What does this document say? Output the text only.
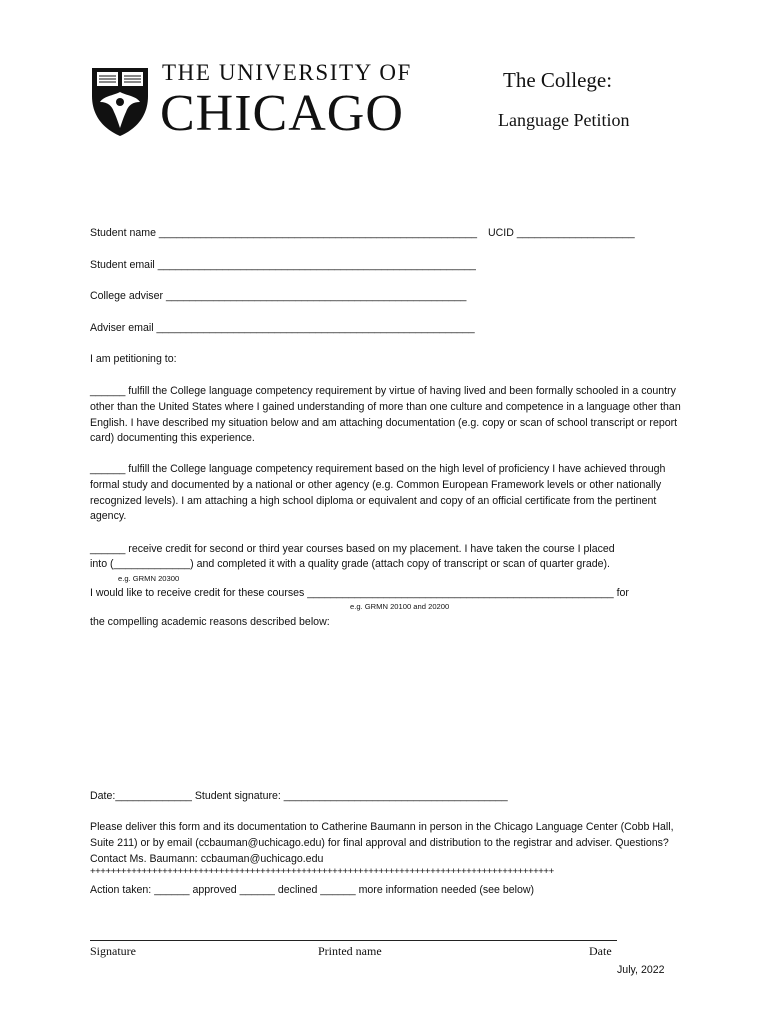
THE UNIVERSITY OF
CHICAGO
The College:
Language Petition
Student name ______________________________________________________ UCID ____________________
Student email ______________________________________________________
College adviser ___________________________________________________
Adviser email ______________________________________________________
I am petitioning to:
______ fulfill the College language competency requirement by virtue of having lived and been formally schooled in a country other than the United States where I gained understanding of more than one culture and competence in a language other than English. I have described my situation below and am attaching documentation (e.g. copy or scan of school transcript or report card) documenting this experience.
______ fulfill the College language competency requirement based on the high level of proficiency I have achieved through formal study and documented by a national or other agency (e.g. Common European Framework levels or other nationally recognized levels). I am attaching a high school diploma or equivalent and copy of an official certificate from the pertinent agency.
______ receive credit for second or third year courses based on my placement. I have taken the course I placed
into (_____________) and completed it with a quality grade (attach copy of transcript or scan of quarter grade).
e.g. GRMN 20300
I would like to receive credit for these courses ____________________________________________________ for
e.g. GRMN 20100 and 20200
the compelling academic reasons described below:
Date:_____________ Student signature: ______________________________________
Please deliver this form and its documentation to Catherine Baumann in person in the Chicago Language Center (Cobb Hall, Suite 211) or by email (ccbauman@uchicago.edu) for final approval and distribution to the registrar and adviser. Questions? Contact Ms. Baumann: ccbauman@uchicago.edu
++++++++++++++++++++++++++++++++++++++++++++++++++++++++++++++++++++++++++++++++++++++++++
Action taken: ______ approved ______ declined ______ more information needed (see below)
Signature	Printed name	Date
July, 2022
